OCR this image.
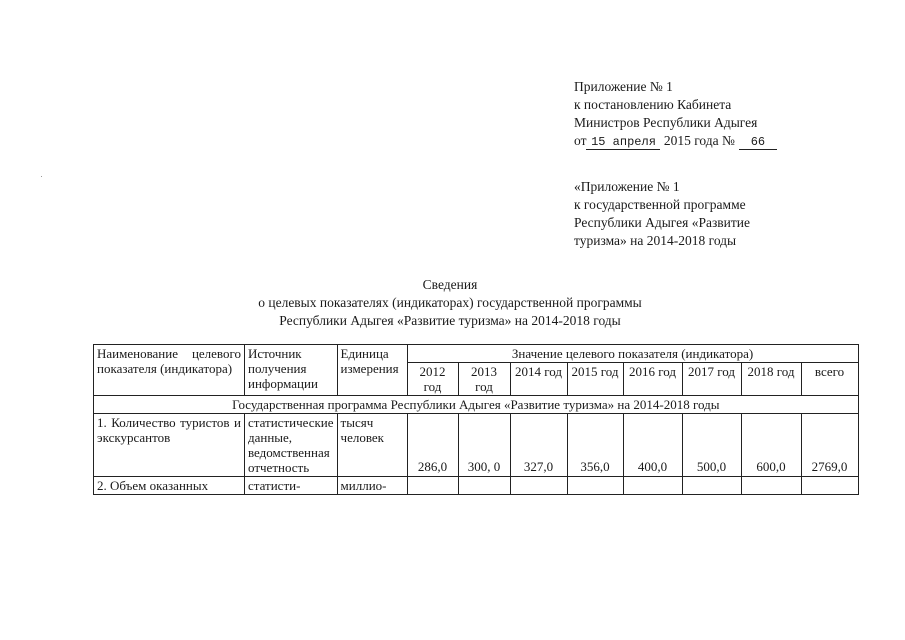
Приложение № 1
к постановлению Кабинета
Министров Республики Адыгея
от 15 апреля 2015 года № 66
«Приложение № 1
к государственной программе
Республики Адыгея «Развитие
туризма» на 2014-2018 годы
Сведения
о целевых показателях (индикаторах) государственной программы
Республики Адыгея «Развитие туризма» на 2014-2018 годы
Наименование целевого показателя (индикатора)	Источник получения информации	Единица измерения	Значение целевого показателя (индикатора)							
			2012 год	2013 год	2014 год	2015 год	2016 год	2017 год	2018 год	всего
Государственная программа Республики Адыгея «Развитие туризма» на 2014-2018 годы										
1. Количество туристов и экскурсантов	статистические данные, ведомственная отчетность	тысяч человек	286,0	300, 0	327,0	356,0	400,0	500,0	600,0	2769,0
2. Объем оказанных	статисти-	миллио-								
